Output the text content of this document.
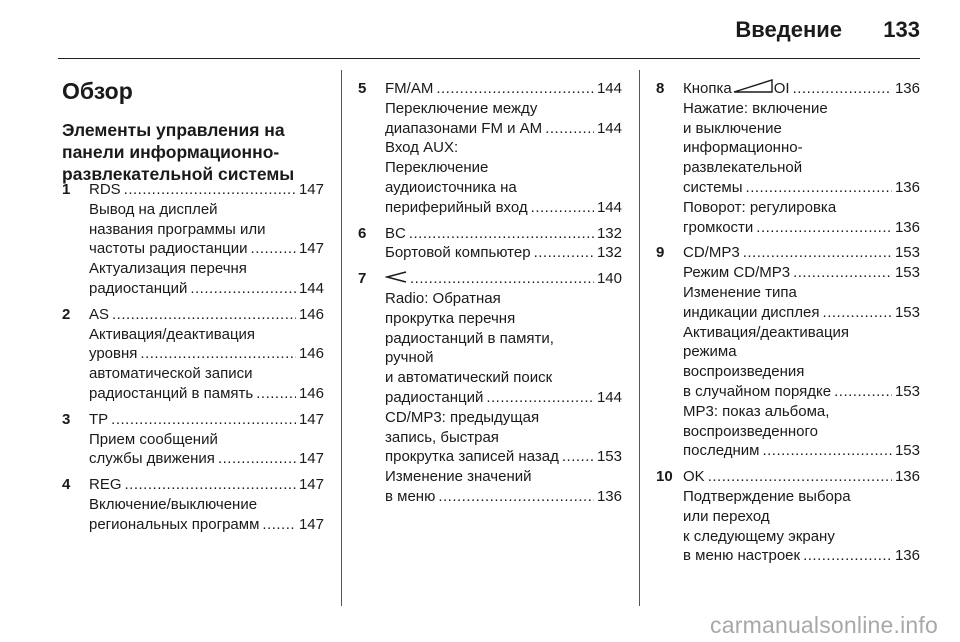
Введение 133
Обзор
Элементы управления на панели информационно-развлекательной системы
1 RDS .....	147
Вывод на дисплей
названия программы или
частоты радиостанции .....	147
Актуализация перечня
радиостанций .....	144
2 AS .....	146
Активация/деактивация
уровня .....	146
автоматической записи
радиостанций в память .....	146
3 TP .....	147
Прием сообщений
службы движения .....	147
4 REG .....	147
Включение/выключение
региональных программ .....	147
5 FM/AM .....	144
Переключение между
диапазонами FM и AM .....	144
Вход AUX:
Переключение
аудиоисточника на
периферийный вход .....	144
6 BC .....	132
Бортовой компьютер .....	132
7 .....	140
Radio: Обратная
прокрутка перечня
радиостанций в памяти,
ручной
и автоматический поиск
радиостанций .....	144
CD/MP3: предыдущая
запись, быстрая
прокрутка записей назад .....	153
Изменение значений
в меню .....	136
8 Кнопка	OI .....	136
Нажатие: включение
и выключение
информационно-
развлекательной
системы .....	136
Поворот: регулировка
громкости .....	136
9 CD/MP3 .....	153
Режим CD/MP3 .....	153
Изменение типа
индикации дисплея .....	153
Активация/деактивация
режима
воспроизведения
в случайном порядке .....	153
MP3: показ альбома,
воспроизведенного
последним .....	153
10 OK .....	136
Подтверждение выбора
или переход
к следующему экрану
в меню настроек .....	136
carmanualsonline.info
